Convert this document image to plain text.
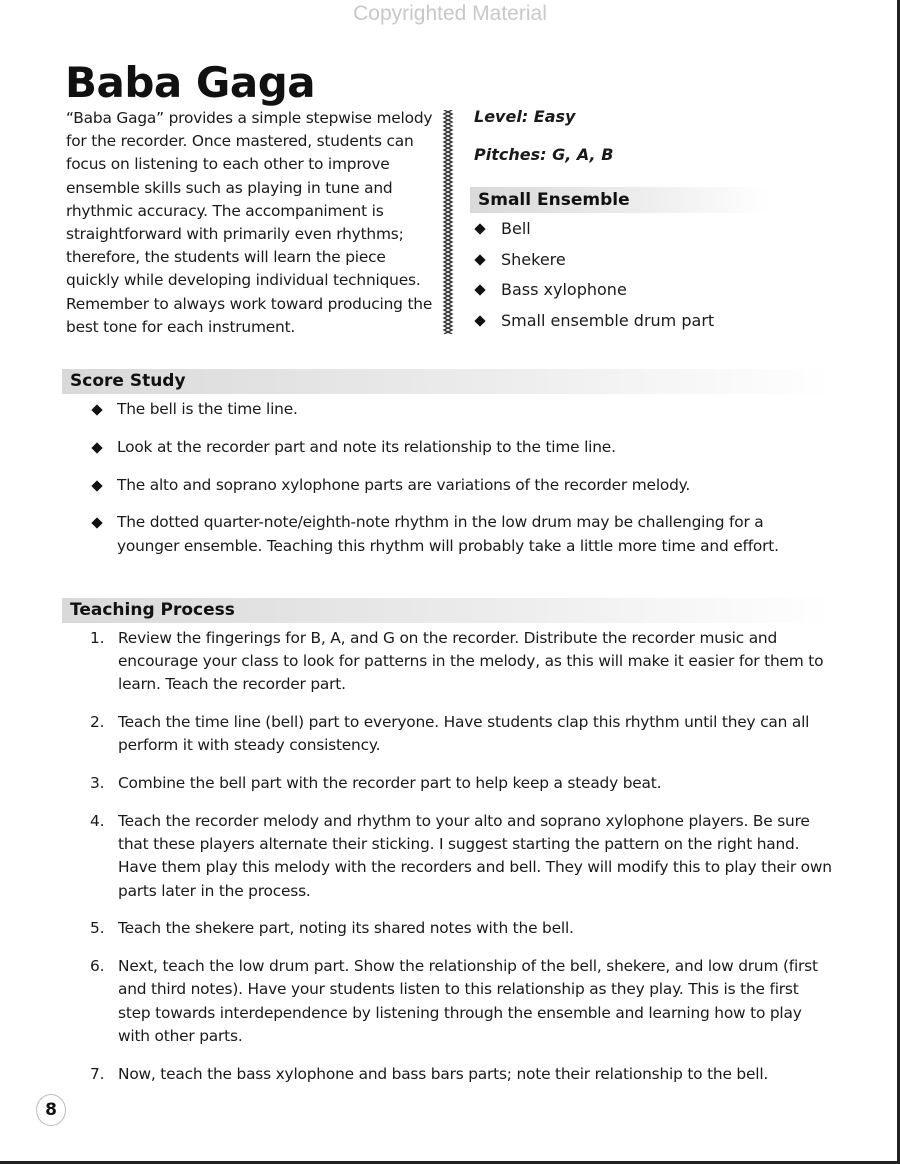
Copyrighted Material
Baba Gaga

“Baba Gaga” provides a simple stepwise melody for the recorder. Once mastered, students can focus on listening to each other to improve ensemble skills such as playing in tune and rhythmic accuracy. The accompaniment is straightforward with primarily even rhythms; therefore, the students will learn the piece quickly while developing individual techniques. Remember to always work toward producing the best tone for each instrument.

Level: Easy

Pitches: G, A, B

Small Ensemble
Bell
Shekere
Bass xylophone
Small ensemble drum part
Score Study
The bell is the time line.
Look at the recorder part and note its relationship to the time line.
The alto and soprano xylophone parts are variations of the recorder melody.
The dotted quarter-note/eighth-note rhythm in the low drum may be challenging for a younger ensemble. Teaching this rhythm will probably take a little more time and effort.
Teaching Process
1. Review the fingerings for B, A, and G on the recorder. Distribute the recorder music and encourage your class to look for patterns in the melody, as this will make it easier for them to learn. Teach the recorder part.
2. Teach the time line (bell) part to everyone. Have students clap this rhythm until they can all perform it with steady consistency.
3. Combine the bell part with the recorder part to help keep a steady beat.
4. Teach the recorder melody and rhythm to your alto and soprano xylophone players. Be sure that these players alternate their sticking. I suggest starting the pattern on the right hand. Have them play this melody with the recorders and bell. They will modify this to play their own parts later in the process.
5. Teach the shekere part, noting its shared notes with the bell.
6. Next, teach the low drum part. Show the relationship of the bell, shekere, and low drum (first and third notes). Have your students listen to this relationship as they play. This is the first step towards interdependence by listening through the ensemble and learning how to play with other parts.
7. Now, teach the bass xylophone and bass bars parts; note their relationship to the bell.
8
